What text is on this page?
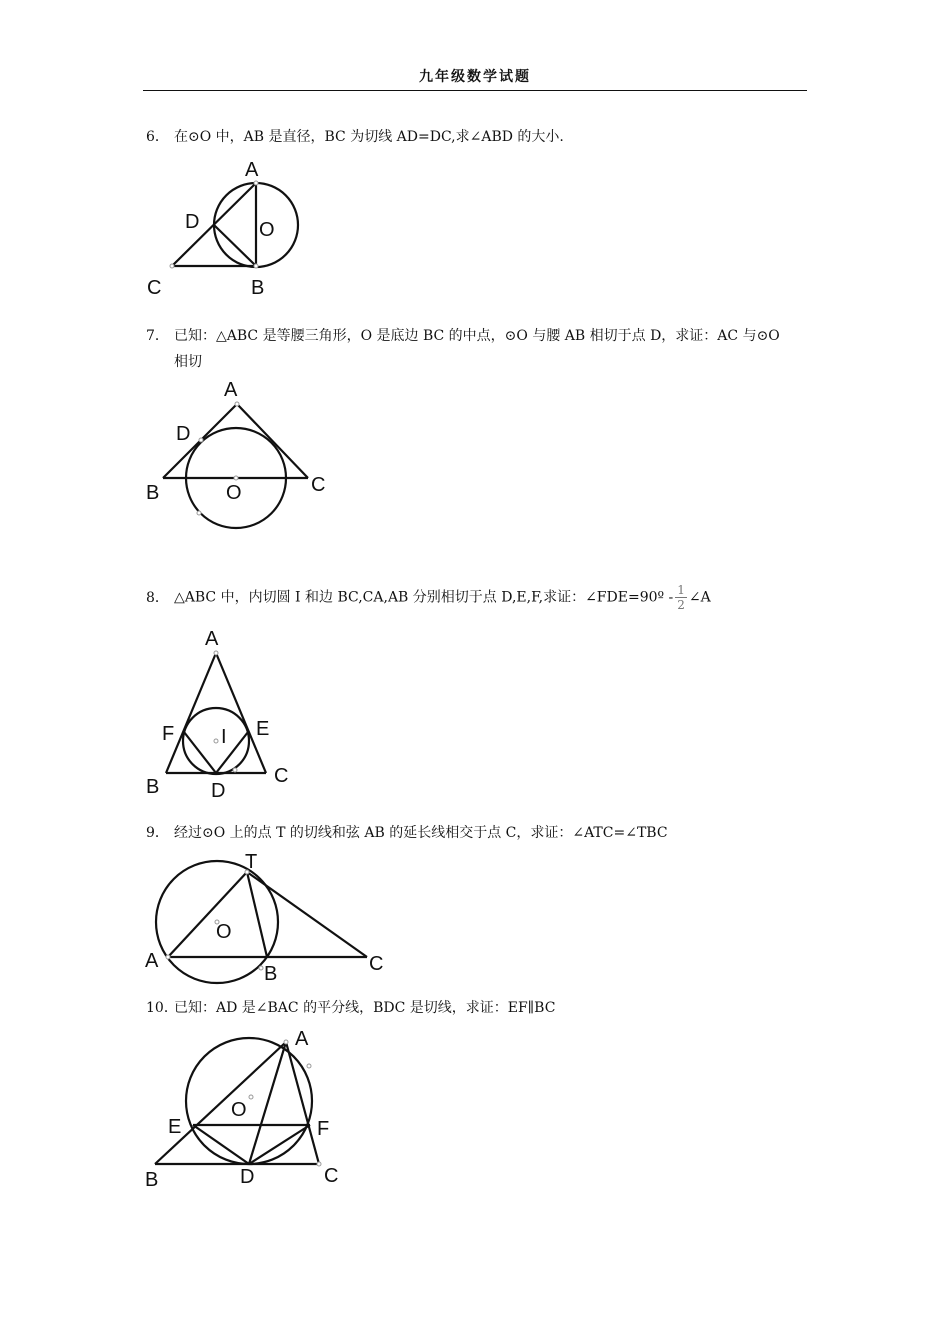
九年级数学试题
6． 在⊙O 中，AB 是直径，BC 为切线 AD=DC,求∠ABD 的大小.
7． 已知：△ABC 是等腰三角形，O 是底边 BC 的中点，⊙O 与腰 AB 相切于点 D，求证：AC 与⊙O
相切
8． △ABC 中，内切圆 I 和边 BC,CA,AB 分别相切于点 D,E,F,求证：∠FDE=90º - $\frac{1}{2}$ ∠A
9． 经过⊙O 上的点 T 的切线和弦 AB 的延长线相交于点 C，求证：∠ATC=∠TBC
10．已知：AD 是∠BAC 的平分线，BDC 是切线，求证：EF∥BC
A
D	O
C	B
A
D
B	O	C
A
F I E
B	D
C
T
O
A
B	C
A
O
E	F
B	D	C
